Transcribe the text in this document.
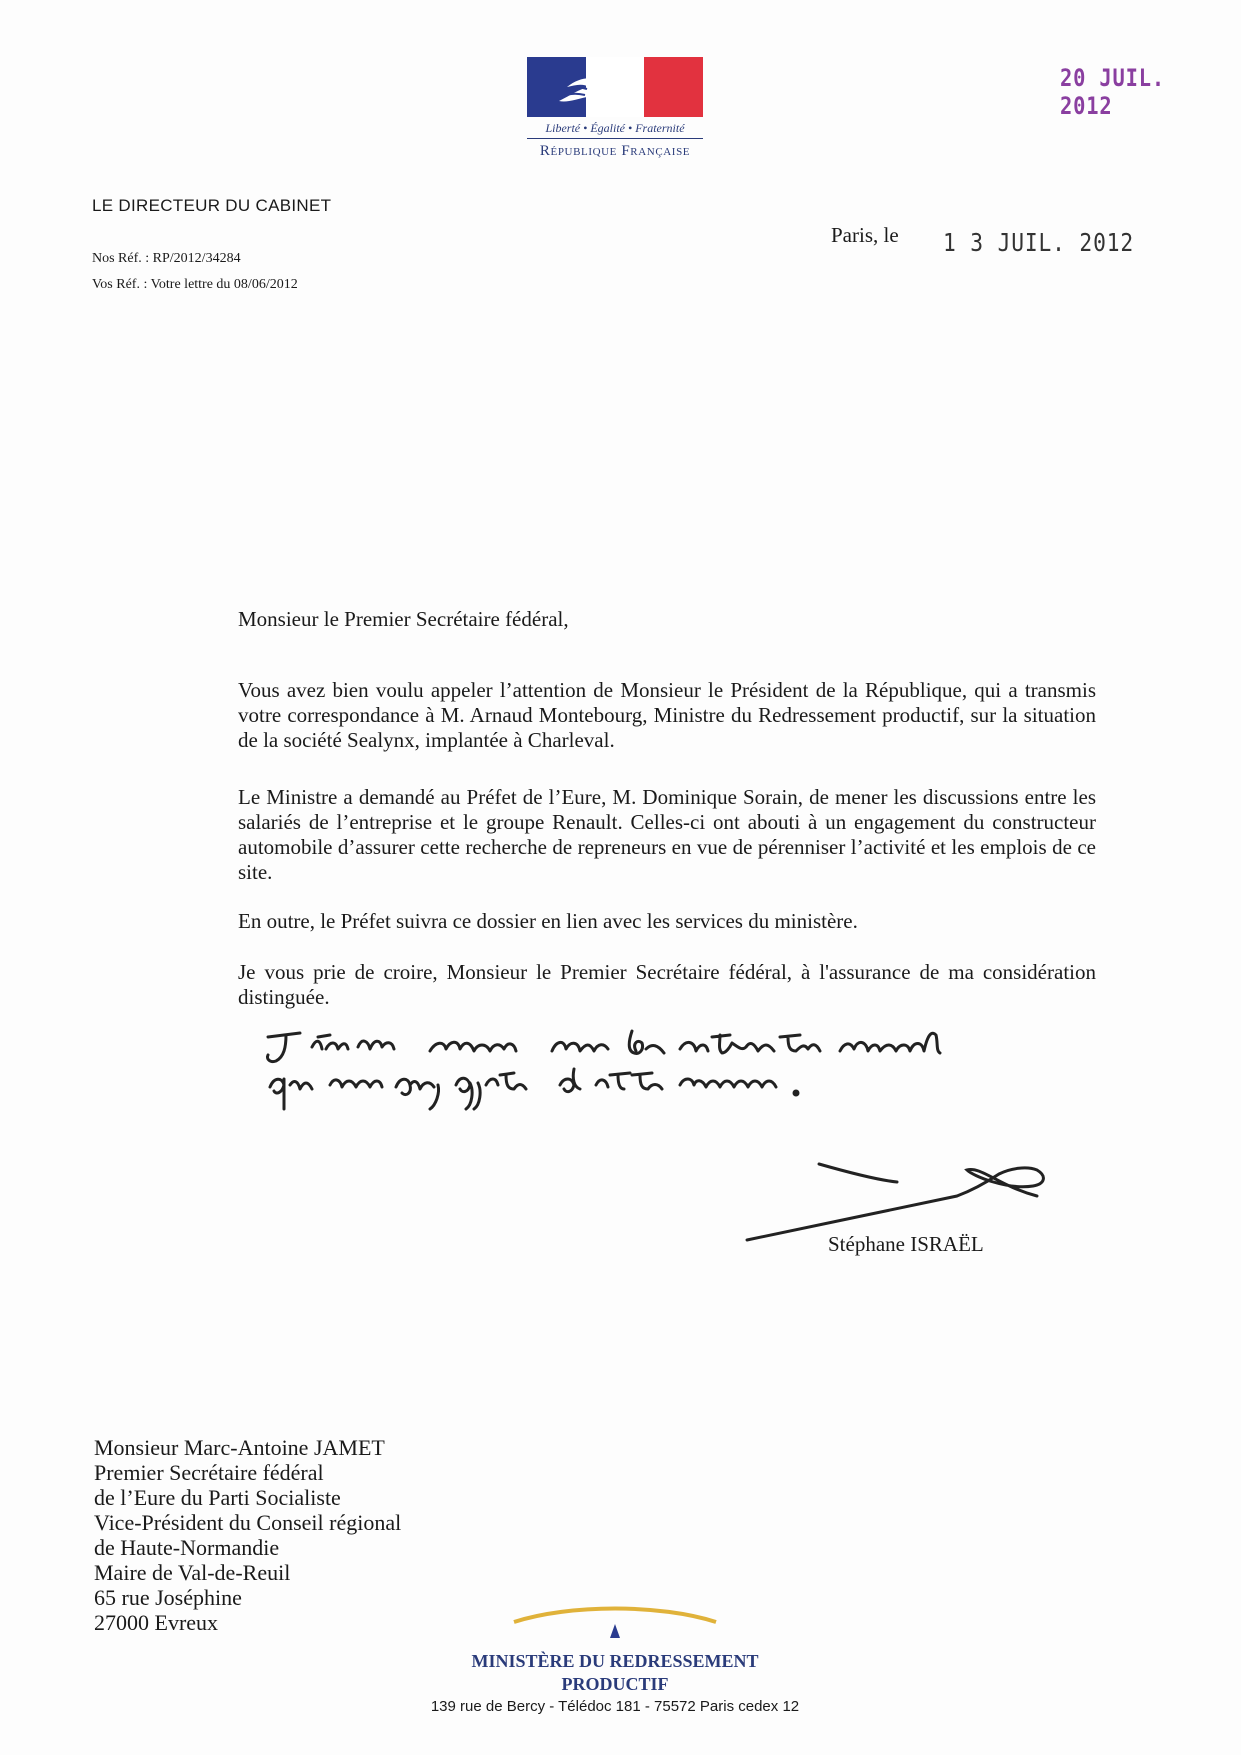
Liberté • Égalité • Fraternité
République Française
20 JUIL. 2012
LE DIRECTEUR DU CABINET
Nos Réf. : RP/2012/34284
Vos Réf. : Votre lettre du 08/06/2012
Paris, le 1 3 JUIL. 2012
Monsieur le Premier Secrétaire fédéral,
Vous avez bien voulu appeler l’attention de Monsieur le Président de la République, qui a transmis votre correspondance à M. Arnaud Montebourg, Ministre du Redressement productif, sur la situation de la société Sealynx, implantée à Charleval.
Le Ministre a demandé au Préfet de l’Eure, M. Dominique Sorain, de mener les discussions entre les salariés de l’entreprise et le groupe Renault. Celles-ci ont abouti à un engagement du constructeur automobile d’assurer cette recherche de repreneurs en vue de pérenniser l’activité et les emplois de ce site.
En outre, le Préfet suivra ce dossier en lien avec les services du ministère.
Je vous prie de croire, Monsieur le Premier Secrétaire fédéral, à l'assurance de ma considération distinguée.
Stéphane ISRAËL
Monsieur Marc-Antoine JAMET
Premier Secrétaire fédéral
de l’Eure du Parti Socialiste
Vice-Président du Conseil régional
de Haute-Normandie
Maire de Val-de-Reuil
65 rue Joséphine
27000 Evreux
MINISTÈRE DU REDRESSEMENT
PRODUCTIF
139 rue de Bercy - Télédoc 181 - 75572 Paris cedex 12
